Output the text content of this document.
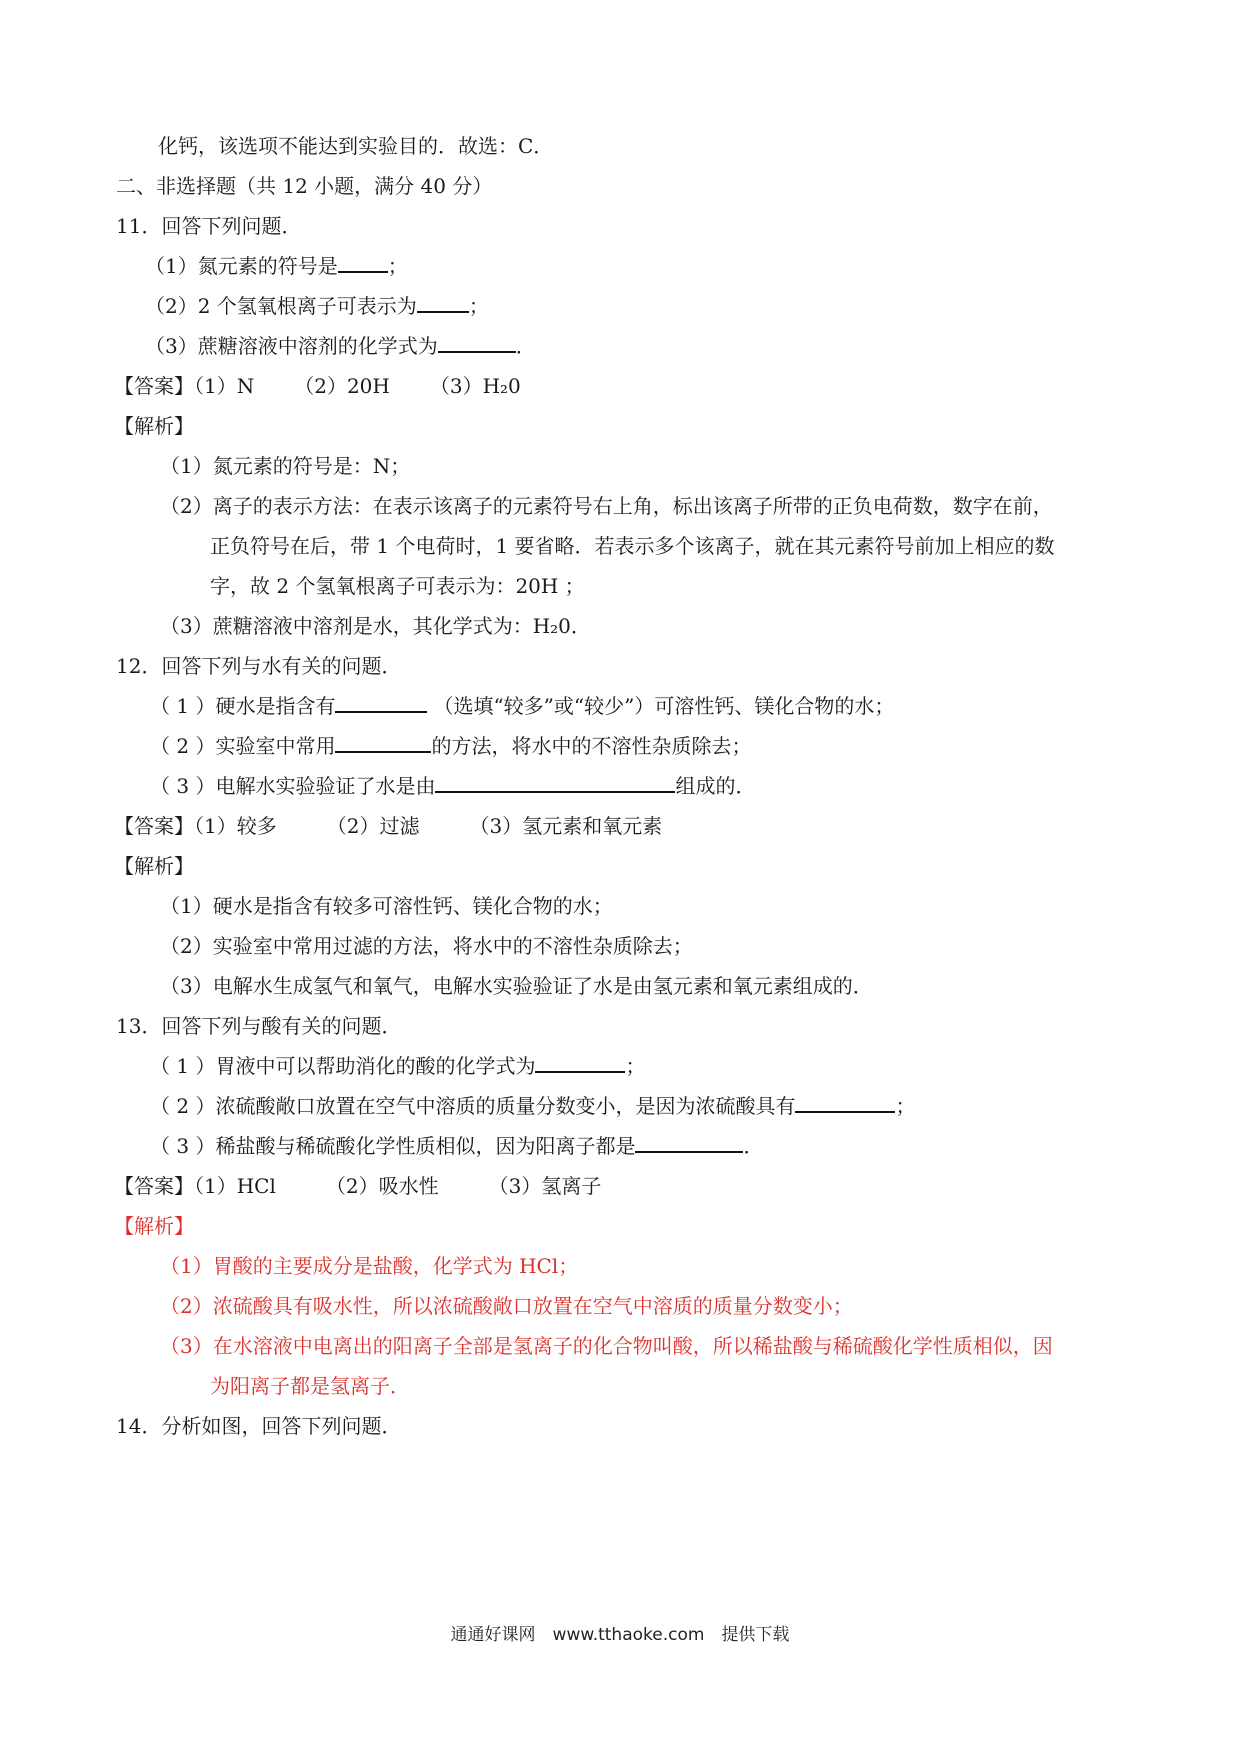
化钙，该选项不能达到实验目的．故选：C．
二、非选择题（共 12 小题，满分 40 分）
11．回答下列问题．
（1）氮元素的符号是	；
（2）2 个氢氧根离子可表示为	；
（3）蔗糖溶液中溶剂的化学式为	．
【答案】（1）N （2）20H （3）H₂0
【解析】
（1）氮元素的符号是：N；
（2）离子的表示方法：在表示该离子的元素符号右上角，标出该离子所带的正负电荷数，数字在前，
正负符号在后，带 1 个电荷时，1 要省略．若表示多个该离子，就在其元素符号前加上相应的数
字，故 2 个氢氧根离子可表示为：20H ；
（3）蔗糖溶液中溶剂是水，其化学式为：H₂0．
12．回答下列与水有关的问题．
（ 1 ）硬水是指含有	（选填“较多”或“较少”）可溶性钙、镁化合物的水；
（ 2 ）实验室中常用	的方法，将水中的不溶性杂质除去；
（ 3 ）电解水实验验证了水是由	组成的．
【答案】（1）较多	（2）过滤	（3）氢元素和氧元素
【解析】
（1）硬水是指含有较多可溶性钙、镁化合物的水；
（2）实验室中常用过滤的方法，将水中的不溶性杂质除去；
（3）电解水生成氢气和氧气，电解水实验验证了水是由氢元素和氧元素组成的．
13．回答下列与酸有关的问题．
（ 1 ）胃液中可以帮助消化的酸的化学式为	；
（ 2 ）浓硫酸敞口放置在空气中溶质的质量分数变小，是因为浓硫酸具有	；
（ 3 ）稀盐酸与稀硫酸化学性质相似，因为阳离子都是	．
【答案】（1）HCl	（2）吸水性	（3）氢离子
【解析】
（1）胃酸的主要成分是盐酸，化学式为 HCl；
（2）浓硫酸具有吸水性，所以浓硫酸敞口放置在空气中溶质的质量分数变小；
（3）在水溶液中电离出的阳离子全部是氢离子的化合物叫酸，所以稀盐酸与稀硫酸化学性质相似，因
为阳离子都是氢离子．
14．分析如图，回答下列问题．
通通好课网　www.tthaoke.com　提供下载
